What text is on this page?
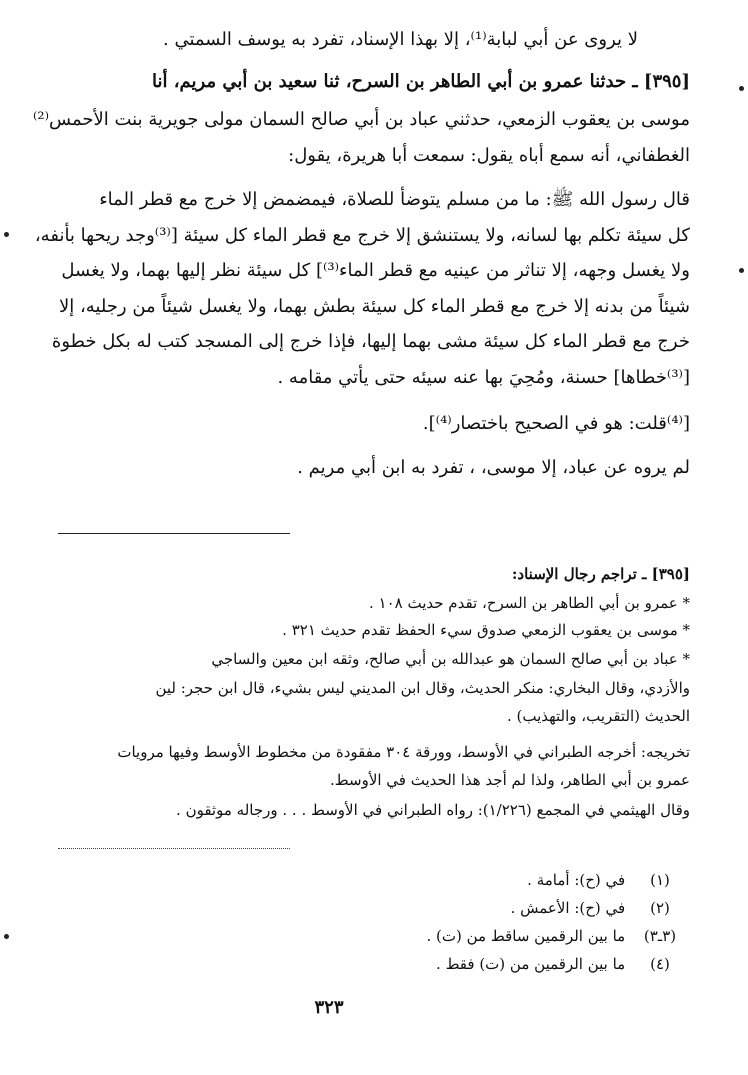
لا يروى عن أبي لبابة⁽¹⁾، إلا بهذا الإسناد، تفرد به يوسف السمتي .
[٣٩٥] ـ حدثنا عمرو بن أبي الطاهر بن السرح، ثنا سعيد بن أبي مريم، أنا
موسى بن يعقوب الزمعي، حدثني عباد بن أبي صالح السمان مولى جويرية بنت الأحمس⁽²⁾
الغطفاني، أنه سمع أباه يقول: سمعت أبا هريرة، يقول:
قال رسول الله ﷺ: ما من مسلم يتوضأ للصلاة، فيمضمض إلا خرج مع قطر الماء
كل سيئة تكلم بها لسانه، ولا يستنشق إلا خرج مع قطر الماء كل سيئة [⁽³⁾وجد ريحها بأنفه،
ولا يغسل وجهه، إلا تناثر من عينيه مع قطر الماء⁽³⁾] كل سيئة نظر إليها بهما، ولا يغسل
شيئاً من بدنه إلا خرج مع قطر الماء كل سيئة بطش بهما، ولا يغسل شيئاً من رجليه، إلا
خرج مع قطر الماء كل سيئة مشى بهما إليها، فإذا خرج إلى المسجد كتب له بكل خطوة
[⁽³⁾خطاها] حسنة، ومُحِيَ بها عنه سيئه حتى يأتي مقامه .
[⁽⁴⁾قلت: هو في الصحيح باختصار⁽⁴⁾].
لم يروه عن عباد، إلا موسى، ، تفرد به ابن أبي مريم .
[٣٩٥] ـ تراجم رجال الإسناد:
* عمرو بن أبي الطاهر بن السرح، تقدم حديث ١٠٨ .
* موسى بن يعقوب الزمعي صدوق سيء الحفظ تقدم حديث ٣٢١ .
* عباد بن أبي صالح السمان هو عبدالله بن أبي صالح، وثقه ابن معين والساجي
والأزدي، وقال البخاري: منكر الحديث، وقال ابن المديني ليس بشيء، قال ابن حجر: لين
الحديث (التقريب، والتهذيب) .
تخريجه: أخرجه الطبراني في الأوسط، وورقة ٣٠٤ مفقودة من مخطوط الأوسط وفيها مرويات
عمرو بن أبي الطاهر، ولذا لم أجد هذا الحديث في الأوسط.
وقال الهيثمي في المجمع (١/٢٢٦): رواه الطبراني في الأوسط . . . ورجاله موثقون .
(١) في (ح): أمامة .
(٢) في (ح): الأعمش .
(٣ـ٣) ما بين الرقمين ساقط من (ت) .
(٤) ما بين الرقمين من (ت) فقط .
٣٢٣
